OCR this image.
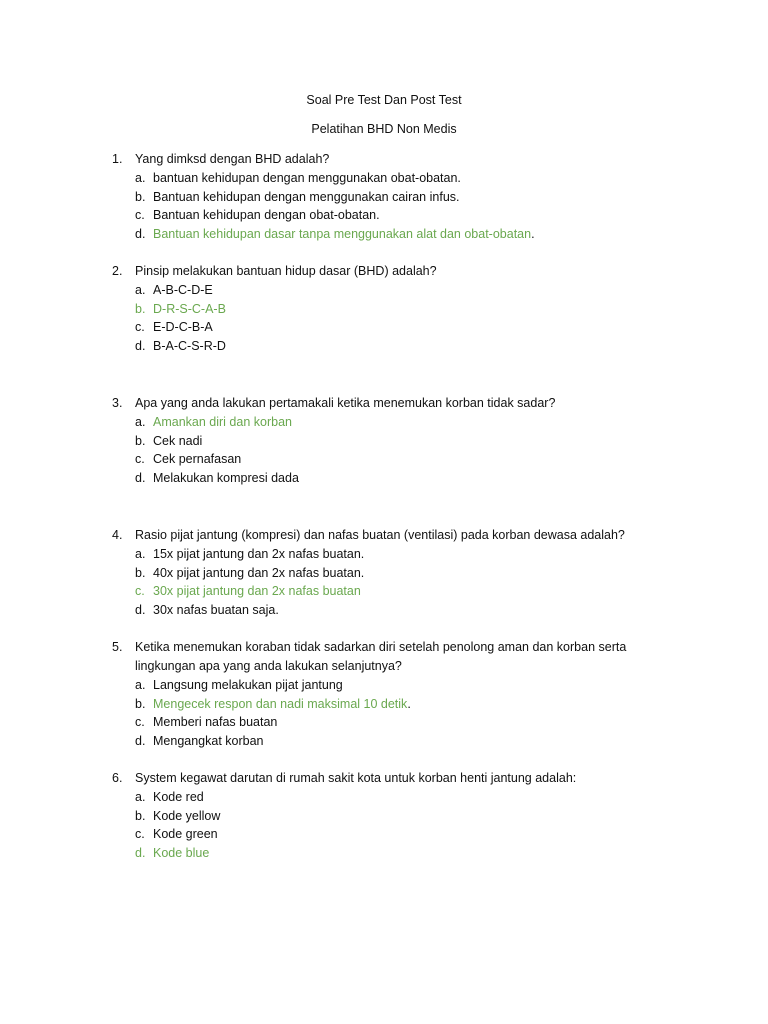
Soal Pre Test Dan Post Test
Pelatihan BHD Non Medis
1.	Yang dimksd dengan BHD adalah?
a. bantuan kehidupan dengan menggunakan obat-obatan.
b. Bantuan kehidupan dengan menggunakan cairan infus.
c. Bantuan kehidupan dengan obat-obatan.
d. Bantuan kehidupan dasar tanpa menggunakan alat dan obat-obatan.
2.	Pinsip melakukan bantuan hidup dasar (BHD) adalah?
a. A-B-C-D-E
b. D-R-S-C-A-B
c. E-D-C-B-A
d. B-A-C-S-R-D
3.	Apa yang anda lakukan pertamakali ketika menemukan korban tidak sadar?
a. Amankan diri dan korban
b. Cek nadi
c. Cek pernafasan
d. Melakukan kompresi dada
4.	Rasio pijat jantung (kompresi) dan nafas buatan (ventilasi) pada korban dewasa adalah?
a. 15x pijat jantung dan 2x nafas buatan.
b. 40x pijat jantung dan 2x nafas buatan.
c. 30x pijat jantung dan 2x nafas buatan
d. 30x nafas buatan saja.
5.	Ketika menemukan koraban tidak sadarkan diri setelah penolong aman dan korban serta
lingkungan apa yang anda lakukan selanjutnya?
a. Langsung melakukan pijat jantung
b. Mengecek respon dan nadi maksimal 10 detik.
c. Memberi nafas buatan
d. Mengangkat korban
6.	System kegawat darutan di rumah sakit kota untuk korban henti jantung adalah:
a. Kode red
b. Kode yellow
c. Kode green
d. Kode blue
